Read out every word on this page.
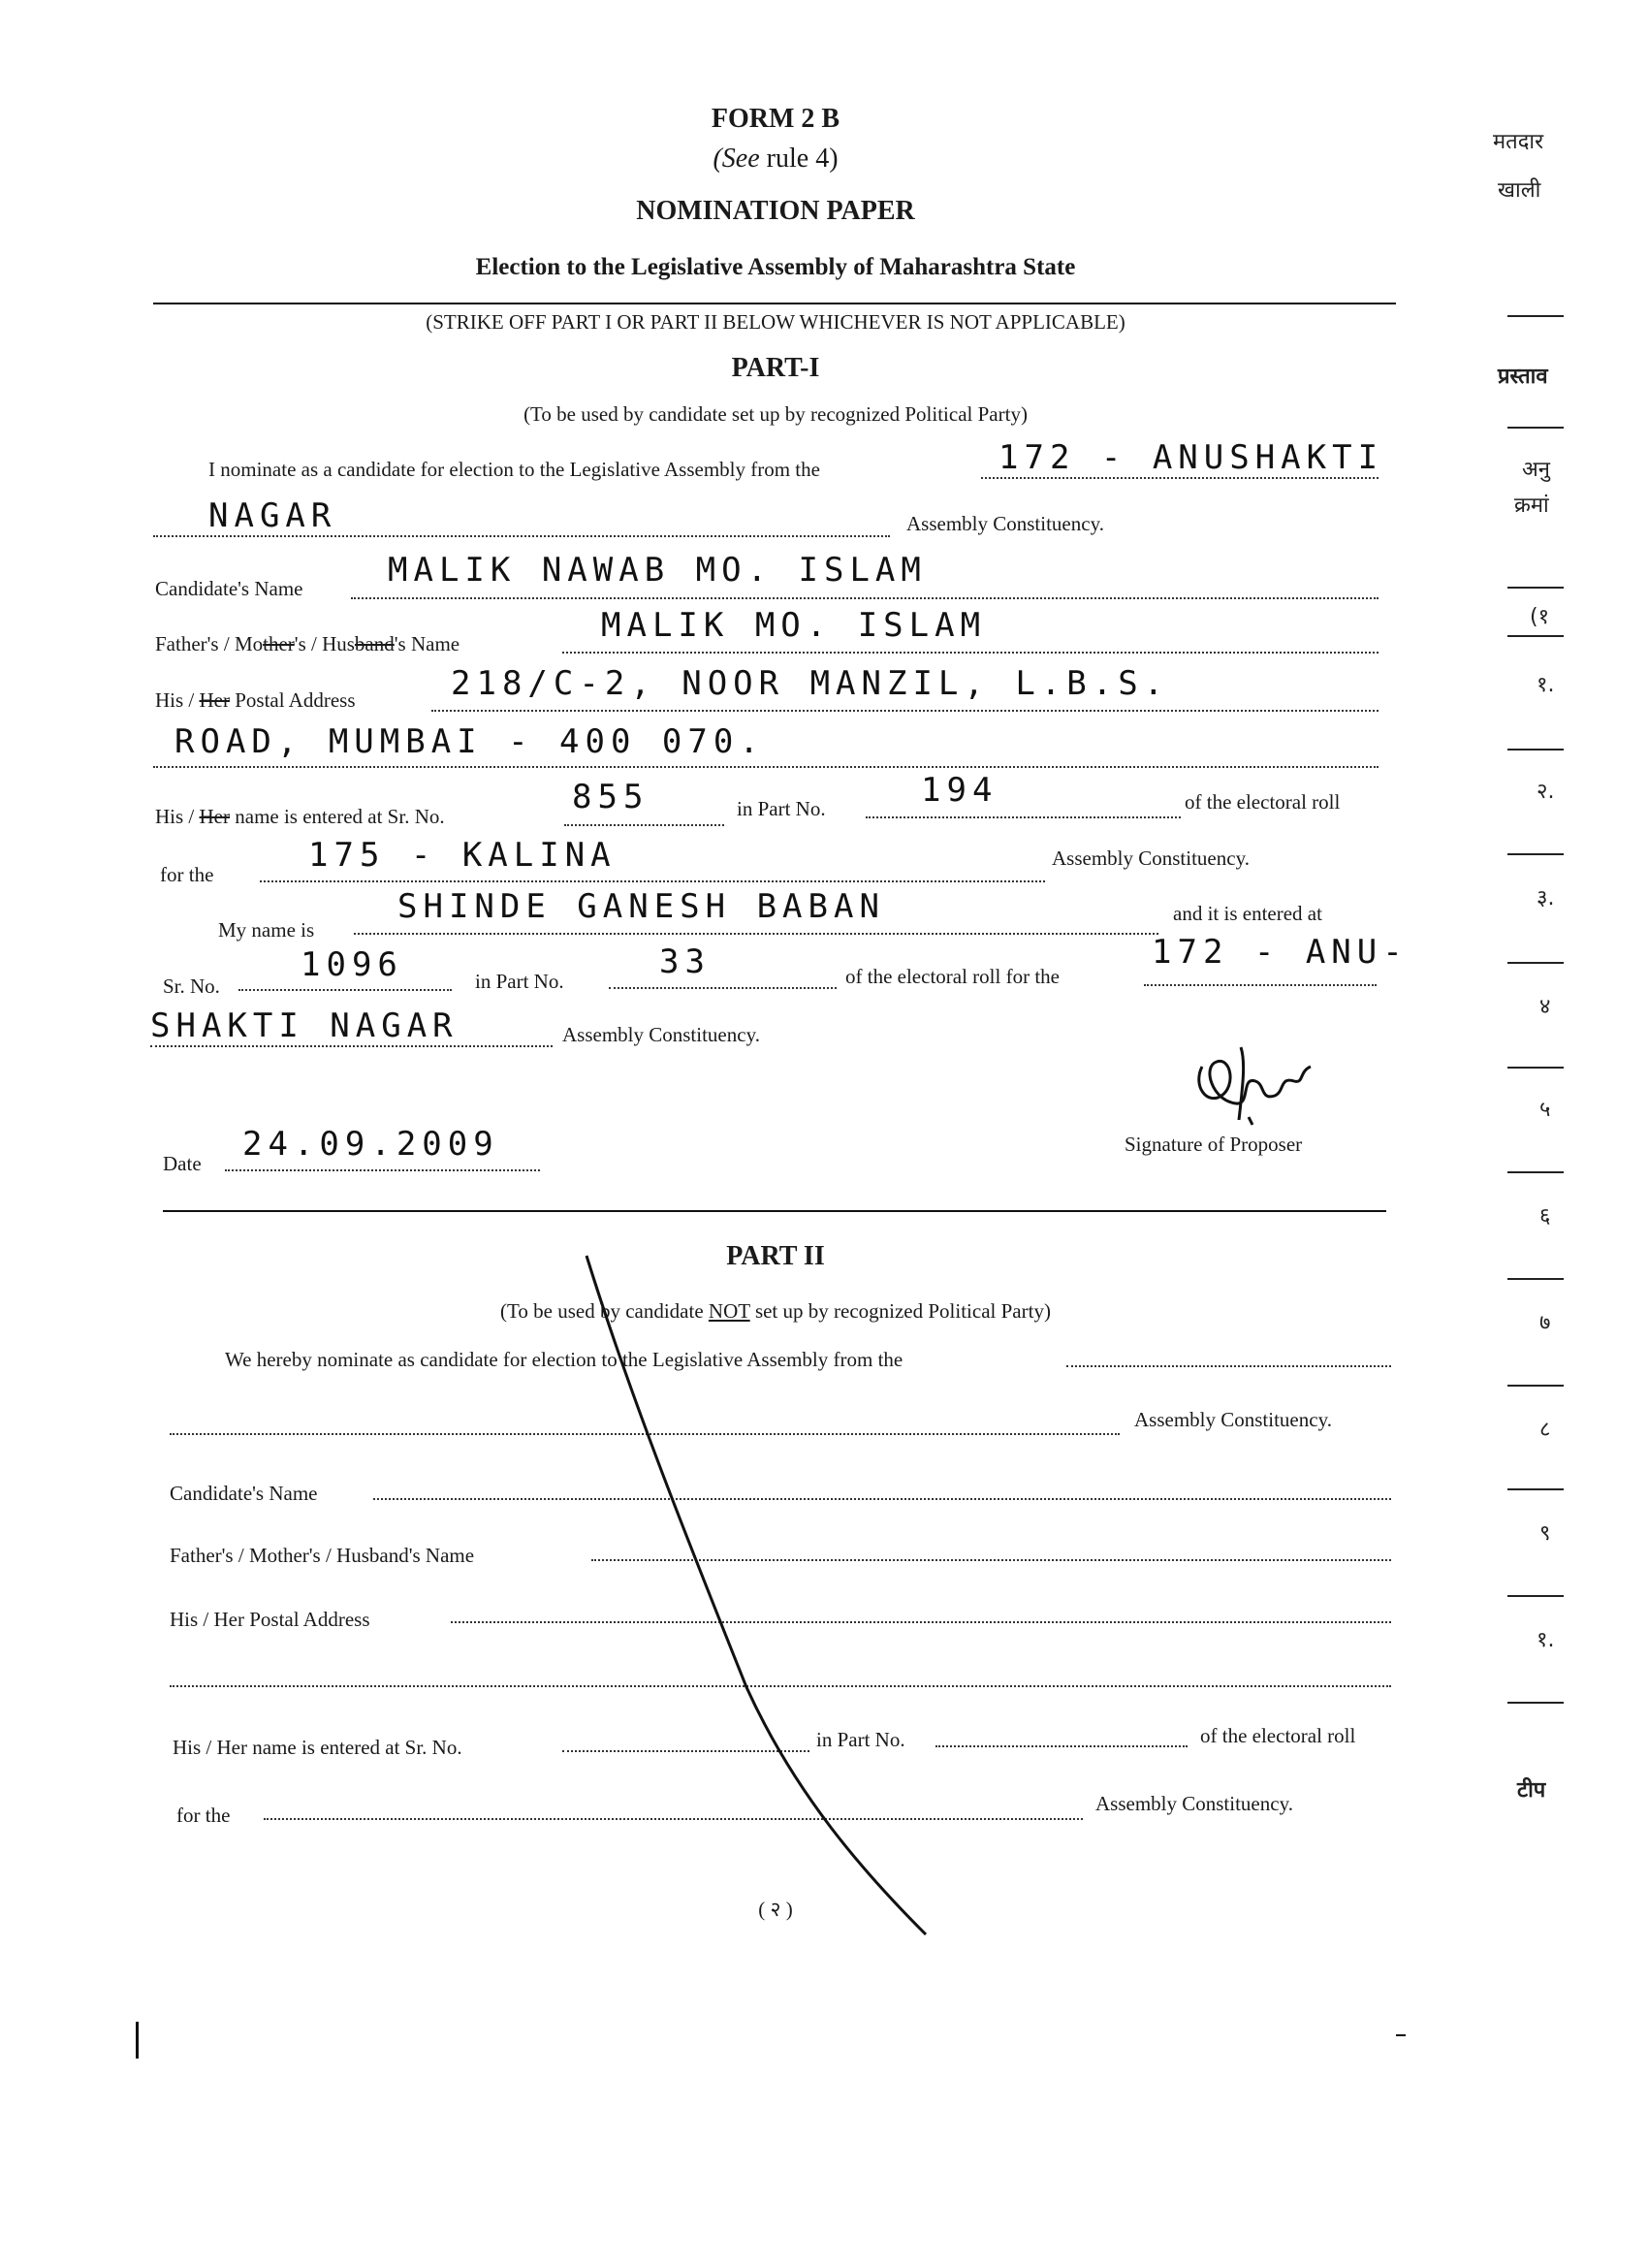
FORM 2 B
(See rule 4)
NOMINATION PAPER
Election to the Legislative Assembly of Maharashtra State
(STRIKE OFF PART I OR PART II BELOW WHICHEVER IS NOT APPLICABLE)
PART-I
(To be used by candidate set up by recognized Political Party)
I nominate as a candidate for election to the Legislative Assembly from the	172 - ANUSHAKTI
NAGAR	Assembly Constituency.
Candidate's Name	MALIK NAWAB MO. ISLAM
Father's / Mother's / Husband's Name	MALIK MO. ISLAM
His / Her Postal Address	218/C-2, NOOR MANZIL, L.B.S.
ROAD, MUMBAI - 400 070.
His / Her name is entered at Sr. No.	855	in Part No.	194	of the electoral roll
for the	175 - KALINA	Assembly Constituency.
My name is
SHINDE GANESH BABAN	and it is entered at
Sr. No.
1096	in Part No.	33	of the electoral roll for the
172 - ANU-
SHAKTI NAGAR	Assembly Constituency.
Date 24.09.2009	Signature of Proposer
PART II
(To be used by candidate NOT set up by recognized Political Party)
We hereby nominate as candidate for election to the Legislative Assembly from the
Assembly Constituency.
Candidate's Name
Father's / Mother's / Husband's Name
His / Her Postal Address
His / Her name is entered at Sr. No.	in Part No.	of the electoral roll
for the	Assembly Constituency.
( २ )
मतदार
खाली
प्रस्ताव
अनु
क्रमां
(१
१.
२.
३.
४
५
६
७
८
९
१.
टीप
